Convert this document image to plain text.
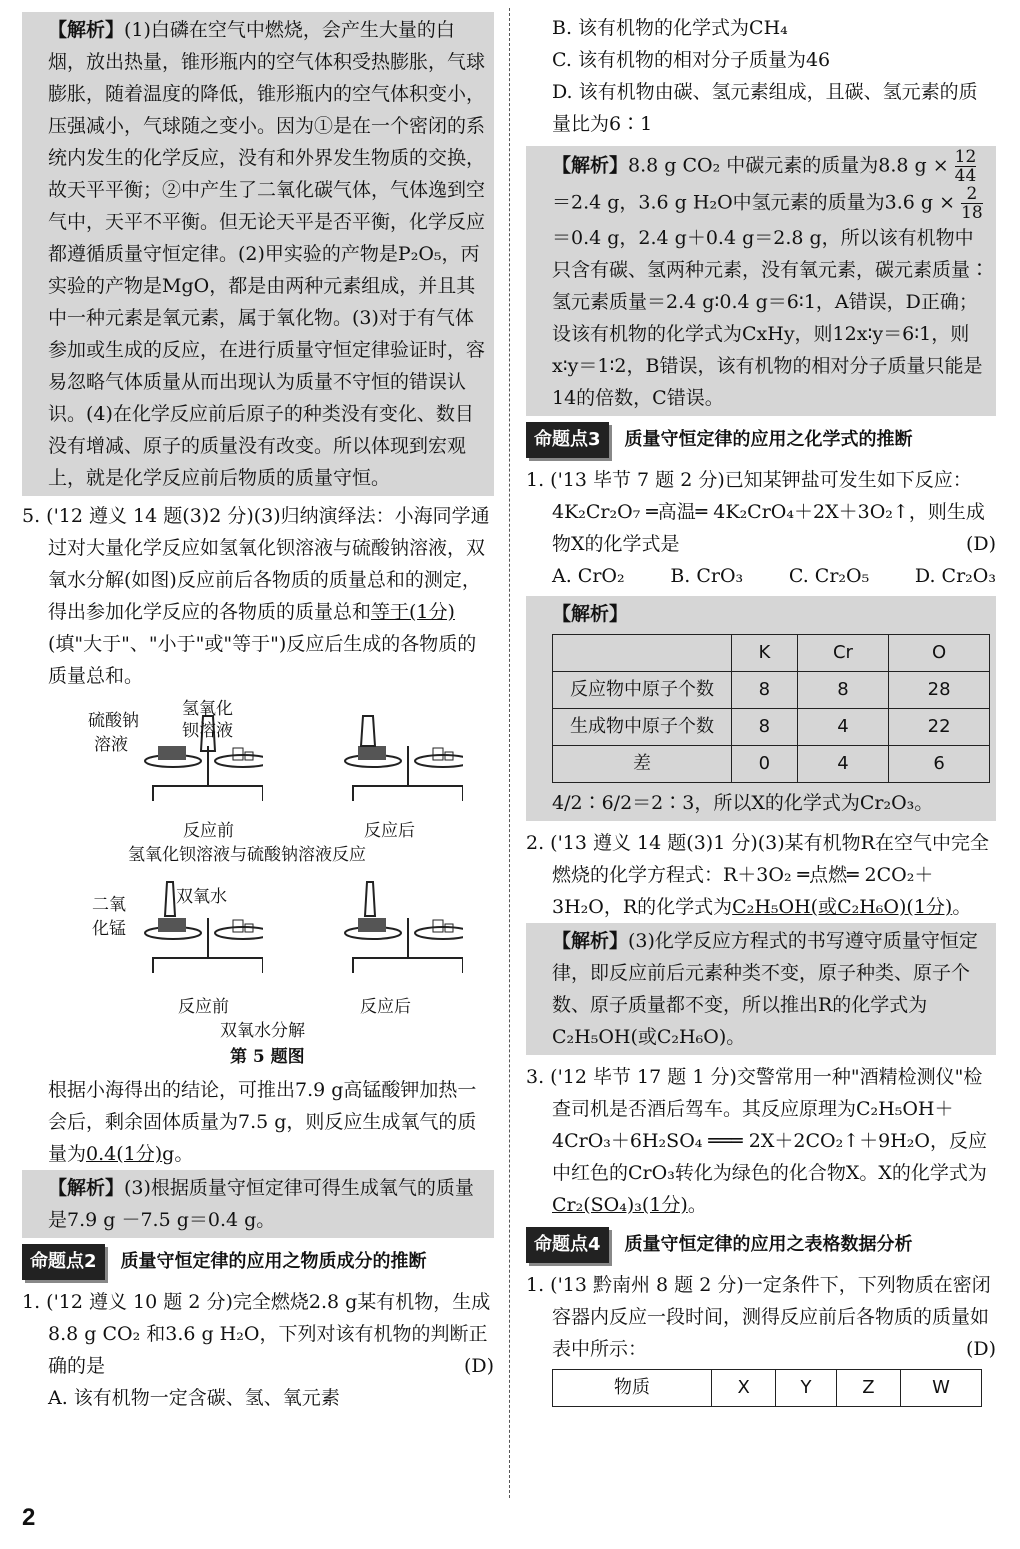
【解析】(1)白磷在空气中燃烧，会产生大量的白烟，放出热量，锥形瓶内的空气体积受热膨胀，气球膨胀，随着温度的降低，锥形瓶内的空气体积变小，压强减小，气球随之变小。因为①是在一个密闭的系统内发生的化学反应，没有和外界发生物质的交换，故天平平衡；②中产生了二氧化碳气体，气体逸到空气中，天平不平衡。但无论天平是否平衡，化学反应都遵循质量守恒定律。(2)甲实验的产物是P₂O₅，丙实验的产物是MgO，都是由两种元素组成，并且其中一种元素是氧元素，属于氧化物。(3)对于有气体参加或生成的反应，在进行质量守恒定律验证时，容易忽略气体质量从而出现认为质量不守恒的错误认识。(4)在化学反应前后原子的种类没有变化、数目没有增减、原子的质量没有改变。所以体现到宏观上，就是化学反应前后物质的质量守恒。

5. ('12 遵义 14 题(3)2 分)(3)归纳演绎法：小海同学通过对大量化学反应如氢氧化钡溶液与硫酸钠溶液，双氧水分解(如图)反应前后各物质的质量总和的测定，得出参加化学反应的各物质的质量总和等于(1分)(填"大于"、"小于"或"等于")反应后生成的各物质的质量总和。

硫酸钠
溶液
氢氧化
钡溶液
反应前	反应后
氢氧化钡溶液与硫酸钠溶液反应
二氧
化锰
双氧水
反应前	反应后
双氧水分解
第 5 题图

根据小海得出的结论，可推出7.9 g高锰酸钾加热一会后，剩余固体质量为7.5 g，则反应生成氧气的质量为0.4(1分)g。

【解析】(3)根据质量守恒定律可得生成氧气的质量是7.9 g －7.5 g＝0.4 g。
命题点2	质量守恒定律的应用之物质成分的推断

1. ('12 遵义 10 题 2 分)完全燃烧2.8 g某有机物，生成8.8 g CO₂ 和3.6 g H₂O，下列对该有机物的判断正确的是	(D)

A. 该有机物一定含碳、氢、氧元素

B. 该有机物的化学式为CH₄

C. 该有机物的相对分子质量为46

D. 该有机物由碳、氢元素组成，且碳、氢元素的质量比为6∶1

【解析】8.8 g CO₂ 中碳元素的质量为8.8 $g \times \frac{12}{44}$
＝2.4 g，3.6 g H₂O中氢元素的质量为3.6 $g \times \frac{2}{18}$
＝0.4 g，2.4 g＋0.4 g＝2.8 g，所以该有机物中只含有碳、氢两种元素，没有氧元素，碳元素质量∶氢元素质量＝2.4 g∶0.4 g＝6∶1，A错误，D正确；设该有机物的化学式为CxHy，则12x∶y＝6∶1，则x∶y＝1∶2，B错误，该有机物的相对分子质量只能是14的倍数，C错误。
命题点3	质量守恒定律的应用之化学式的推断

1. ('13 毕节 7 题 2 分)已知某钾盐可发生如下反应：

4K₂Cr₂O₇ ═高温═ 4K₂CrO₄＋2X＋3O₂↑，则生成物X的化学式是	(D)

A. CrO₂ B. CrO₃ C. Cr₂O₅ D. Cr₂O₃

【解析】
	K	Cr	O
反应物中原子个数	8	8	28
生成物中原子个数	8	4	22
差	0	4	6
4/2∶6/2＝2∶3，所以X的化学式为Cr₂O₃。

2. ('13 遵义 14 题(3)1 分)(3)某有机物R在空气中完全燃烧的化学方程式：R＋3O₂ ═点燃═ 2CO₂＋3H₂O，R的化学式为C₂H₅OH(或C₂H₆O)(1分)。

【解析】(3)化学反应方程式的书写遵守质量守恒定律，即反应前后元素种类不变，原子种类、原子个数、原子质量都不变，所以推出R的化学式为C₂H₅OH(或C₂H₆O)。

3. ('12 毕节 17 题 1 分)交警常用一种"酒精检测仪"检查司机是否酒后驾车。其反应原理为C₂H₅OH＋4CrO₃＋6H₂SO₄ ═══ 2X＋2CO₂↑＋9H₂O，反应中红色的CrO₃转化为绿色的化合物X。X的化学式为Cr₂(SO₄)₃(1分)。

命题点4	质量守恒定律的应用之表格数据分析

1. ('13 黔南州 8 题 2 分)一定条件下，下列物质在密闭容器内反应一段时间，测得反应前后各物质的质量如表中所示：	(D)

物质	X	Y	Z	W
2
